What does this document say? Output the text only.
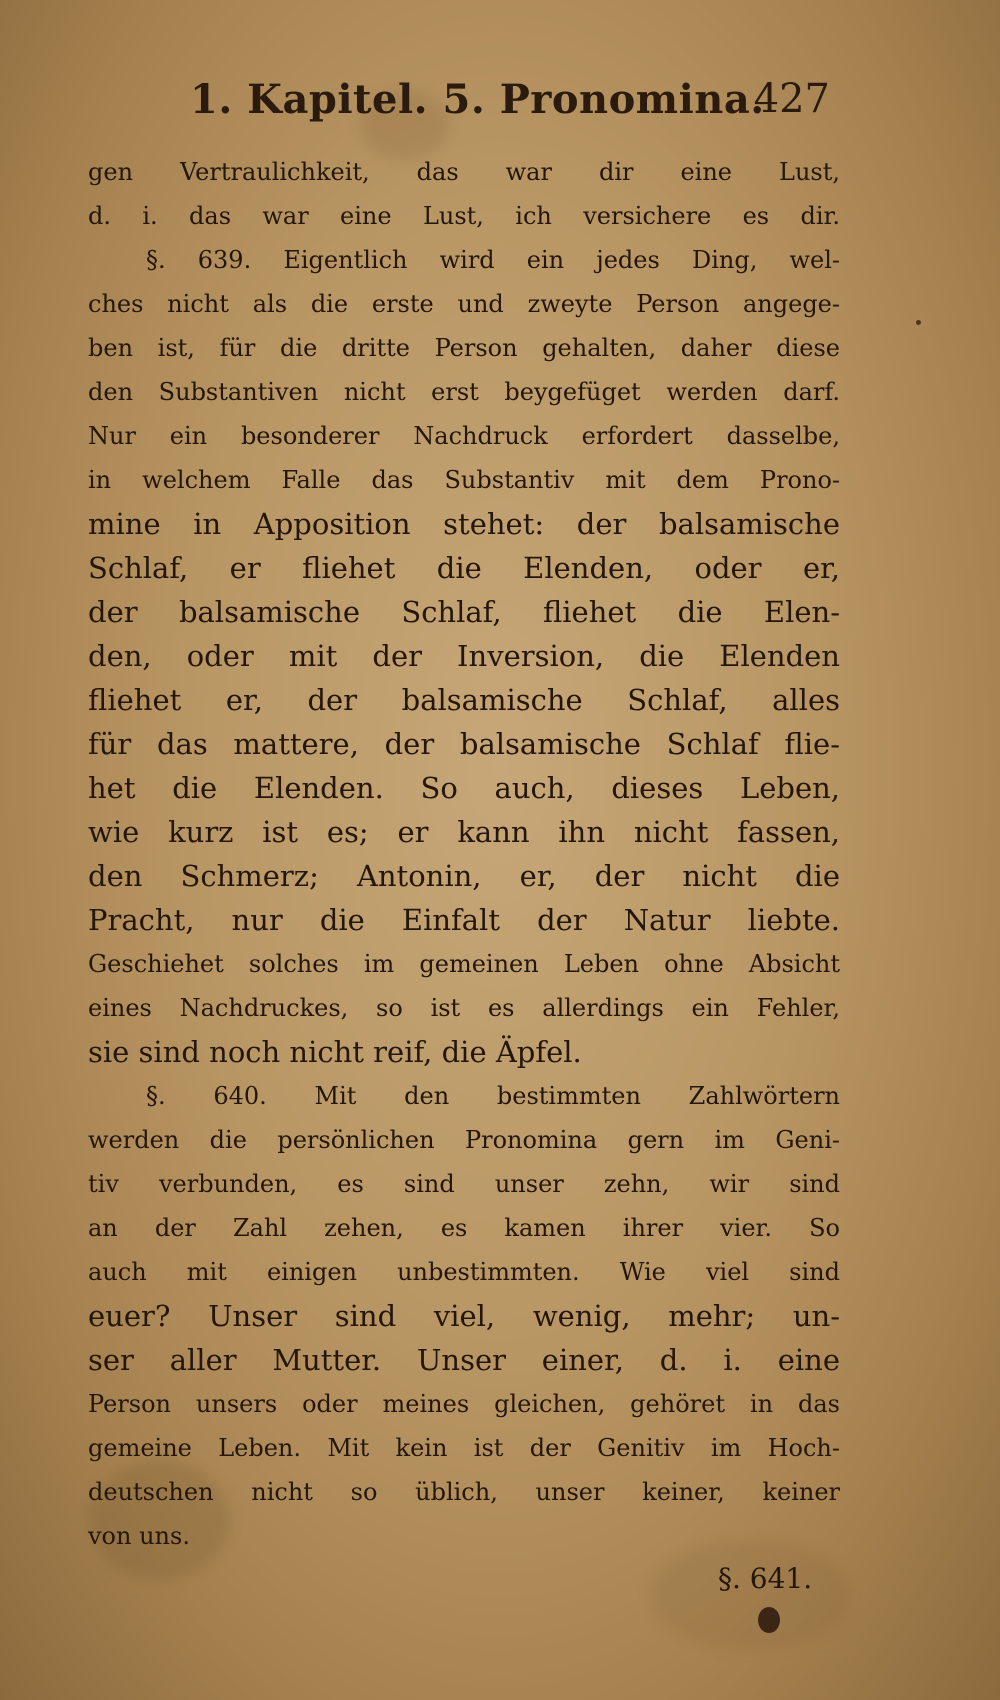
1. Kapitel. 5. Pronomina.
427
gen Vertraulichkeit, das war dir eine Lust,
d. i. das war eine Lust, ich versichere es dir.
§. 639. Eigentlich wird ein jedes Ding, wel-
ches nicht als die erste und zweyte Person angege-
ben ist, für die dritte Person gehalten, daher diese
den Substantiven nicht erst beygefüget werden darf.
Nur ein besonderer Nachdruck erfordert dasselbe,
in welchem Falle das Substantiv mit dem Prono-
mine in Apposition stehet: der balsamische
Schlaf, er fliehet die Elenden, oder er,
der balsamische Schlaf, fliehet die Elen-
den, oder mit der Inversion, die Elenden
fliehet er, der balsamische Schlaf, alles
für das mattere, der balsamische Schlaf flie-
het die Elenden. So auch, dieses Leben,
wie kurz ist es; er kann ihn nicht fassen,
den Schmerz; Antonin, er, der nicht die
Pracht, nur die Einfalt der Natur liebte.
Geschiehet solches im gemeinen Leben ohne Absicht
eines Nachdruckes, so ist es allerdings ein Fehler,
sie sind noch nicht reif, die Äpfel.
§. 640. Mit den bestimmten Zahlwörtern
werden die persönlichen Pronomina gern im Geni-
tiv verbunden, es sind unser zehn, wir sind
an der Zahl zehen, es kamen ihrer vier. So
auch mit einigen unbestimmten. Wie viel sind
euer? Unser sind viel, wenig, mehr; un-
ser aller Mutter. Unser einer, d. i. eine
Person unsers oder meines gleichen, gehöret in das
gemeine Leben. Mit kein ist der Genitiv im Hoch-
deutschen nicht so üblich, unser keiner, keiner
von uns.
§. 641.
